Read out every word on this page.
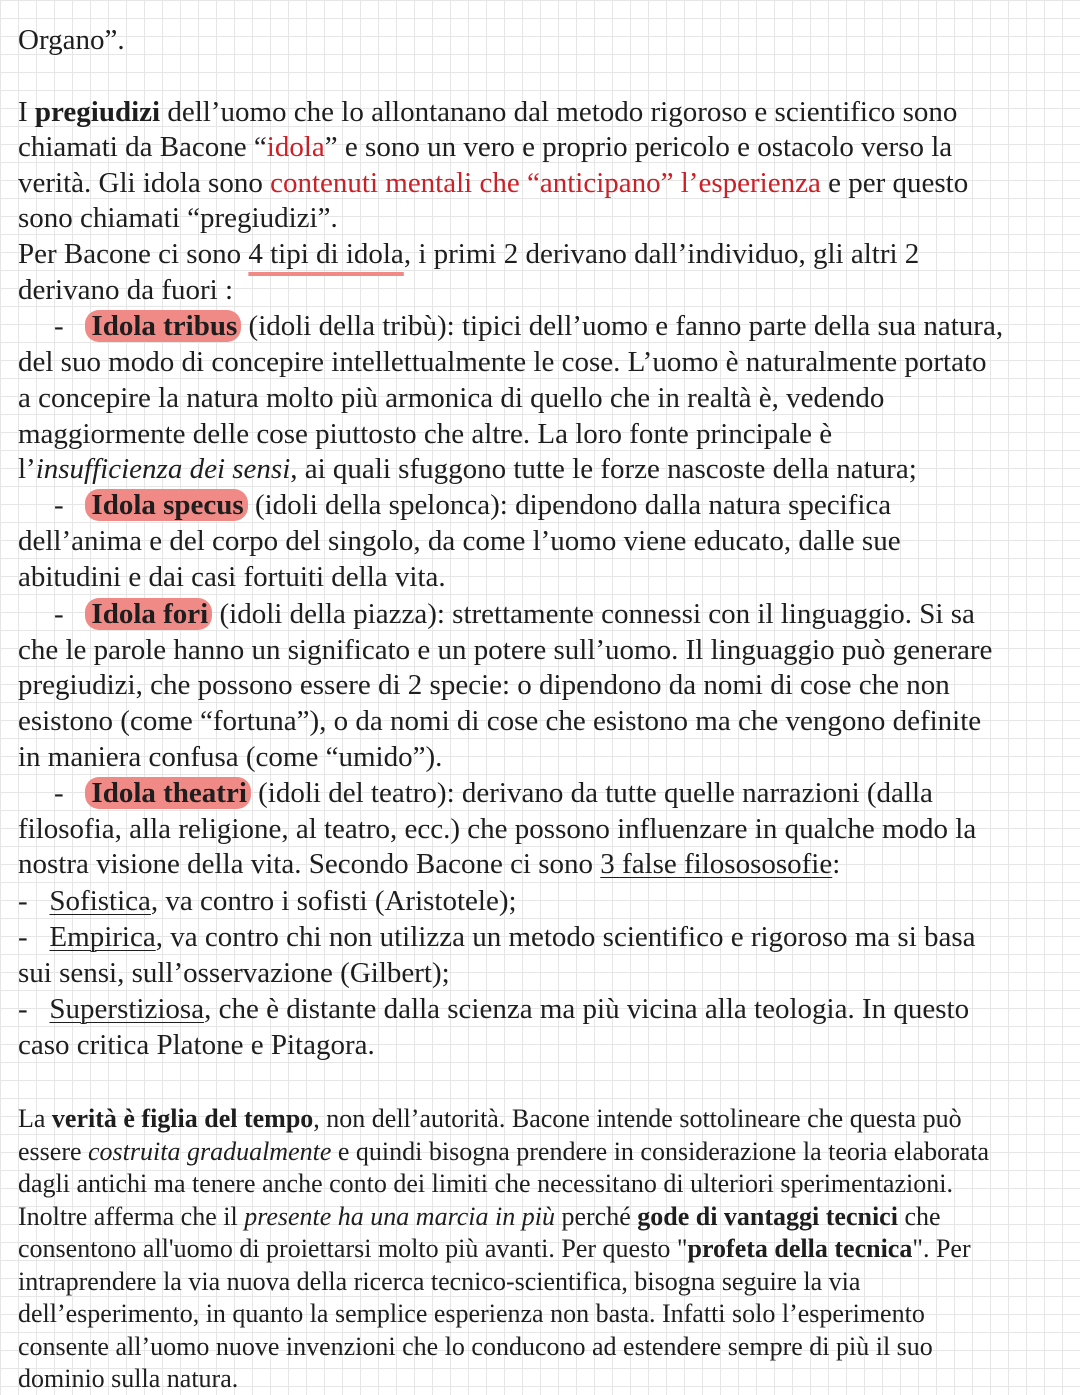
Organo”.
I pregiudizi dell’uomo che lo allontanano dal metodo rigoroso e scientifico sono
chiamati da Bacone “idola” e sono un vero e proprio pericolo e ostacolo verso la
verità. Gli idola sono contenuti mentali che “anticipano” l’esperienza e per questo
sono chiamati “pregiudizi”.
Per Bacone ci sono 4 tipi di idola, i primi 2 derivano dall’individuo, gli altri 2
derivano da fuori :
- Idola tribus (idoli della tribù): tipici dell’uomo e fanno parte della sua natura,
del suo modo di concepire intellettualmente le cose. L’uomo è naturalmente portato
a concepire la natura molto più armonica di quello che in realtà è, vedendo
maggiormente delle cose piuttosto che altre. La loro fonte principale è
l’insufficienza dei sensi, ai quali sfuggono tutte le forze nascoste della natura;
- Idola specus (idoli della spelonca): dipendono dalla natura specifica
dell’anima e del corpo del singolo, da come l’uomo viene educato, dalle sue
abitudini e dai casi fortuiti della vita.
- Idola fori (idoli della piazza): strettamente connessi con il linguaggio. Si sa
che le parole hanno un significato e un potere sull’uomo. Il linguaggio può generare
pregiudizi, che possono essere di 2 specie: o dipendono da nomi di cose che non
esistono (come “fortuna”), o da nomi di cose che esistono ma che vengono definite
in maniera confusa (come “umido”).
- Idola theatri (idoli del teatro): derivano da tutte quelle narrazioni (dalla
filosofia, alla religione, al teatro, ecc.) che possono influenzare in qualche modo la
nostra visione della vita. Secondo Bacone ci sono 3 false filosososofie:
- Sofistica, va contro i sofisti (Aristotele);
- Empirica, va contro chi non utilizza un metodo scientifico e rigoroso ma si basa
sui sensi, sull’osservazione (Gilbert);
- Superstiziosa, che è distante dalla scienza ma più vicina alla teologia. In questo
caso critica Platone e Pitagora.
La verità è figlia del tempo, non dell’autorità. Bacone intende sottolineare che questa può
essere costruita gradualmente e quindi bisogna prendere in considerazione la teoria elaborata
dagli antichi ma tenere anche conto dei limiti che necessitano di ulteriori sperimentazioni.
Inoltre afferma che il presente ha una marcia in più perché gode di vantaggi tecnici che
consentono all'uomo di proiettarsi molto più avanti. Per questo "profeta della tecnica". Per
intraprendere la via nuova della ricerca tecnico-scientifica, bisogna seguire la via
dell’esperimento, in quanto la semplice esperienza non basta. Infatti solo l’esperimento
consente all’uomo nuove invenzioni che lo conducono ad estendere sempre di più il suo
dominio sulla natura.
